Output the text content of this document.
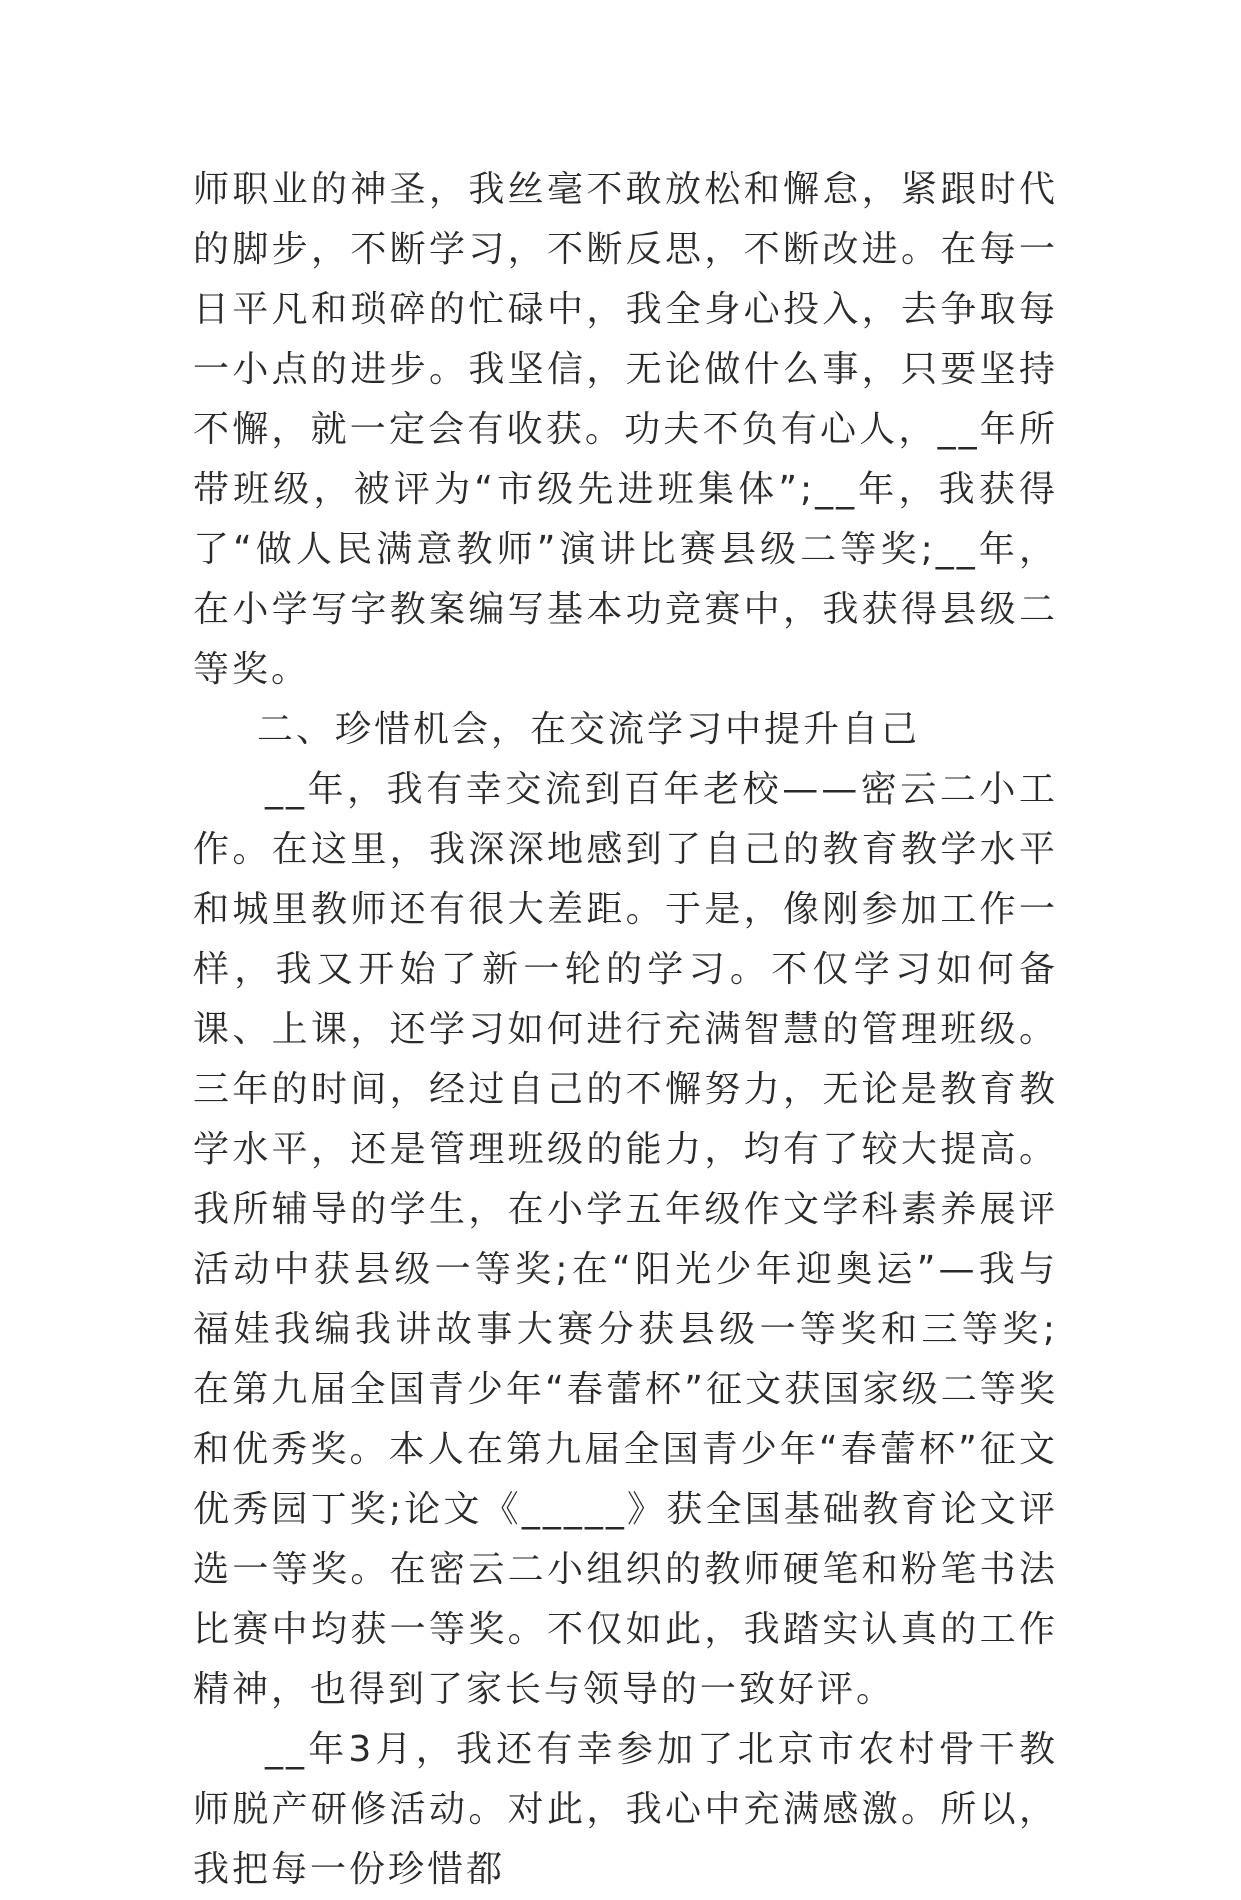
师职业的神圣，我丝毫不敢放松和懈怠，紧跟时代的脚步，不断学习，不断反思，不断改进。在每一日平凡和琐碎的忙碌中，我全身心投入，去争取每一小点的进步。我坚信，无论做什么事，只要坚持不懈，就一定会有收获。功夫不负有心人，__年所带班级，被评为“市级先进班集体”;__年，我获得了“做人民满意教师”演讲比赛县级二等奖;__年，在小学写字教案编写基本功竞赛中，我获得县级二等奖。

二、珍惜机会，在交流学习中提升自己

__年，我有幸交流到百年老校——密云二小工作。在这里，我深深地感到了自己的教育教学水平和城里教师还有很大差距。于是，像刚参加工作一样，我又开始了新一轮的学习。不仅学习如何备课、上课，还学习如何进行充满智慧的管理班级。三年的时间，经过自己的不懈努力，无论是教育教学水平，还是管理班级的能力，均有了较大提高。我所辅导的学生，在小学五年级作文学科素养展评活动中获县级一等奖;在“阳光少年迎奥运”—我与福娃我编我讲故事大赛分获县级一等奖和三等奖;在第九届全国青少年“春蕾杯”征文获国家级二等奖和优秀奖。本人在第九届全国青少年“春蕾杯”征文优秀园丁奖;论文《_____》获全国基础教育论文评选一等奖。在密云二小组织的教师硬笔和粉笔书法比赛中均获一等奖。不仅如此，我踏实认真的工作精神，也得到了家长与领导的一致好评。

__年3月，我还有幸参加了北京市农村骨干教师脱产研修活动。对此，我心中充满感激。所以，我把每一份珍惜都
